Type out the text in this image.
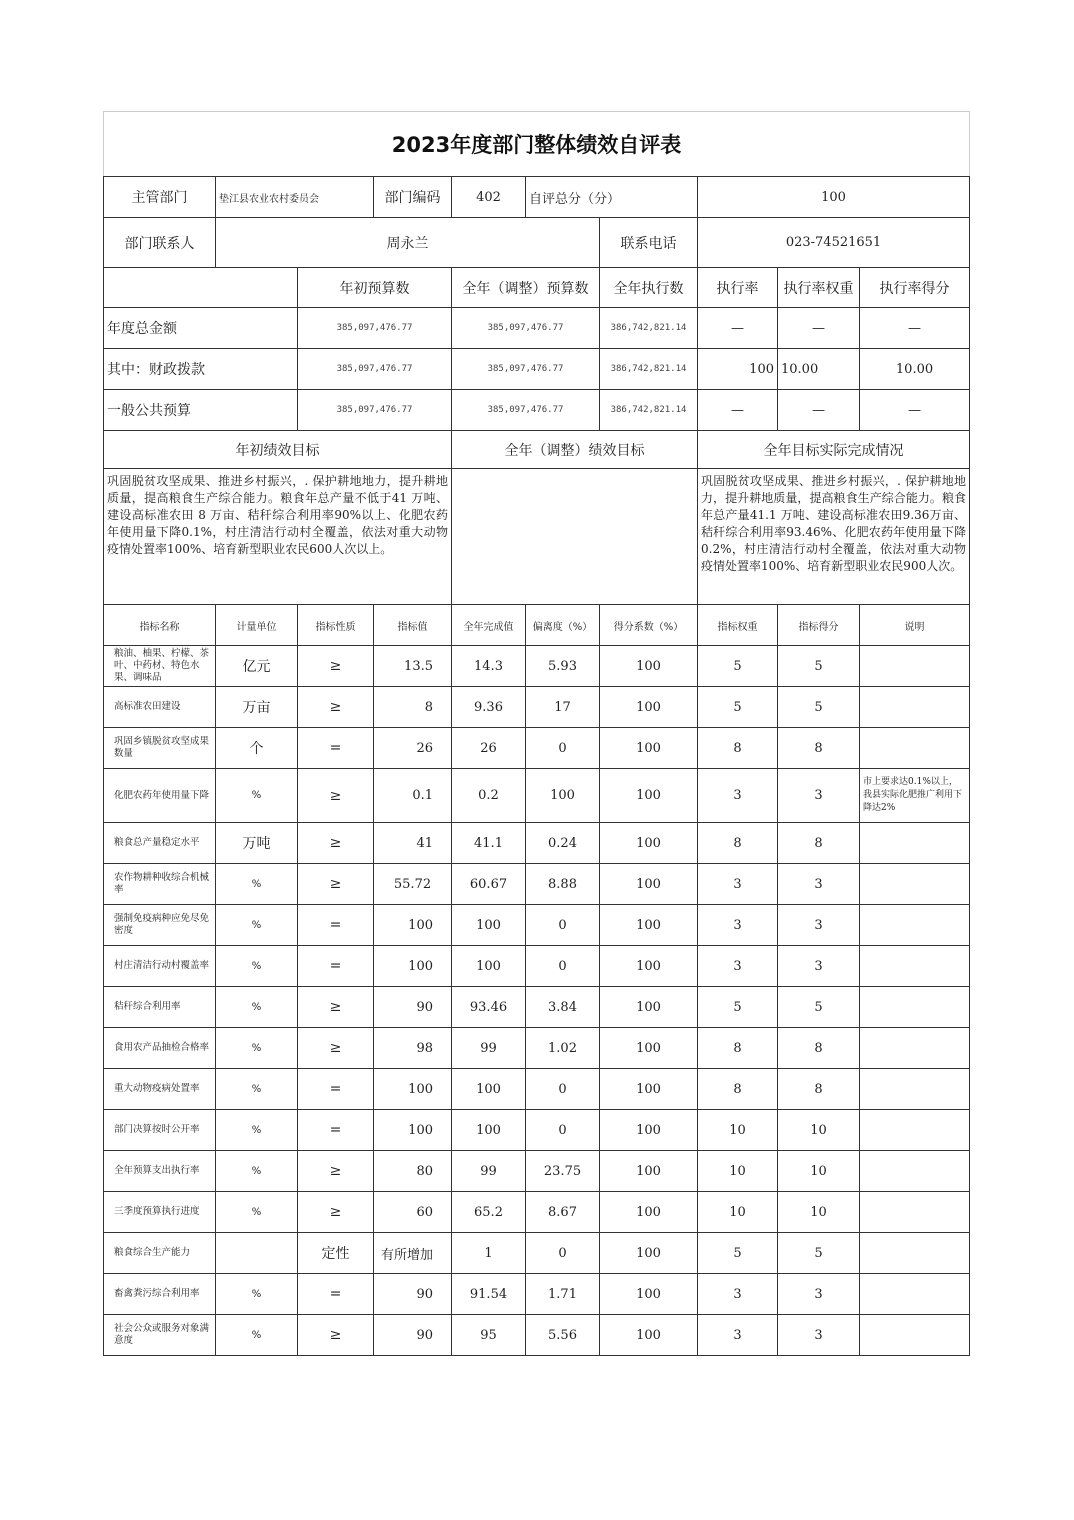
2023年度部门整体绩效自评表									
主管部门	垫江县农业农村委员会		部门编码	402	自评总分（分）		100		
部门联系人	周永兰					联系电话	023-74521651		
		年初预算数		全年（调整）预算数		全年执行数	执行率	执行率权重	执行率得分
年度总金额		385,097,476.77		385,097,476.77		386,742,821.14	—	—	—
其中：财政拨款		385,097,476.77		385,097,476.77		386,742,821.14	100	10.00	10.00
一般公共预算		385,097,476.77		385,097,476.77		386,742,821.14	—	—	—
年初绩效目标				全年（调整）绩效目标			全年目标实际完成情况		
巩固脱贫攻坚成果、推进乡村振兴，. 保护耕地地力，提升耕地质量，提高粮食生产综合能力。粮食年总产量不低于41 万吨、建设高标准农田 8 万亩、秸秆综合利用率90%以上、化肥农药年使用量下降0.1%，村庄清洁行动村全覆盖，依法对重大动物疫情处置率100%、培育新型职业农民600人次以上。							巩固脱贫攻坚成果、推进乡村振兴，. 保护耕地地力，提升耕地质量，提高粮食生产综合能力。粮食年总产量41.1 万吨、建设高标准农田9.36万亩、秸秆综合利用率93.46%、化肥农药年使用量下降0.2%，村庄清洁行动村全覆盖，依法对重大动物疫情处置率100%、培育新型职业农民900人次。		
指标名称	计量单位	指标性质	指标值	全年完成值	偏离度（%）	得分系数（%）	指标权重	指标得分	说明
粮油、柚果、柠檬、茶叶、中药材、特色水果、调味品	亿元	≥	13.5	14.3	5.93	100	5	5	
高标准农田建设	万亩	≥	8	9.36	17	100	5	5	
巩固乡镇脱贫攻坚成果数量	个	=	26	26	0	100	8	8	
化肥农药年使用量下降	%	≥	0.1	0.2	100	100	3	3	市上要求达0.1%以上，我县实际化肥推广利用下降达2%
粮食总产量稳定水平	万吨	≥	41	41.1	0.24	100	8	8	
农作物耕种收综合机械率	%	≥	55.72	60.67	8.88	100	3	3	
强制免疫病种应免尽免密度	%	=	100	100	0	100	3	3	
村庄清洁行动村覆盖率	%	=	100	100	0	100	3	3	
秸秆综合利用率	%	≥	90	93.46	3.84	100	5	5	
食用农产品抽检合格率	%	≥	98	99	1.02	100	8	8	
重大动物疫病处置率	%	=	100	100	0	100	8	8	
部门决算按时公开率	%	=	100	100	0	100	10	10	
全年预算支出执行率	%	≥	80	99	23.75	100	10	10	
三季度预算执行进度	%	≥	60	65.2	8.67	100	10	10	
粮食综合生产能力		定性	有所增加	1	0	100	5	5	
畜禽粪污综合利用率	%	=	90	91.54	1.71	100	3	3	
社会公众或服务对象满意度	%	≥	90	95	5.56	100	3	3	
